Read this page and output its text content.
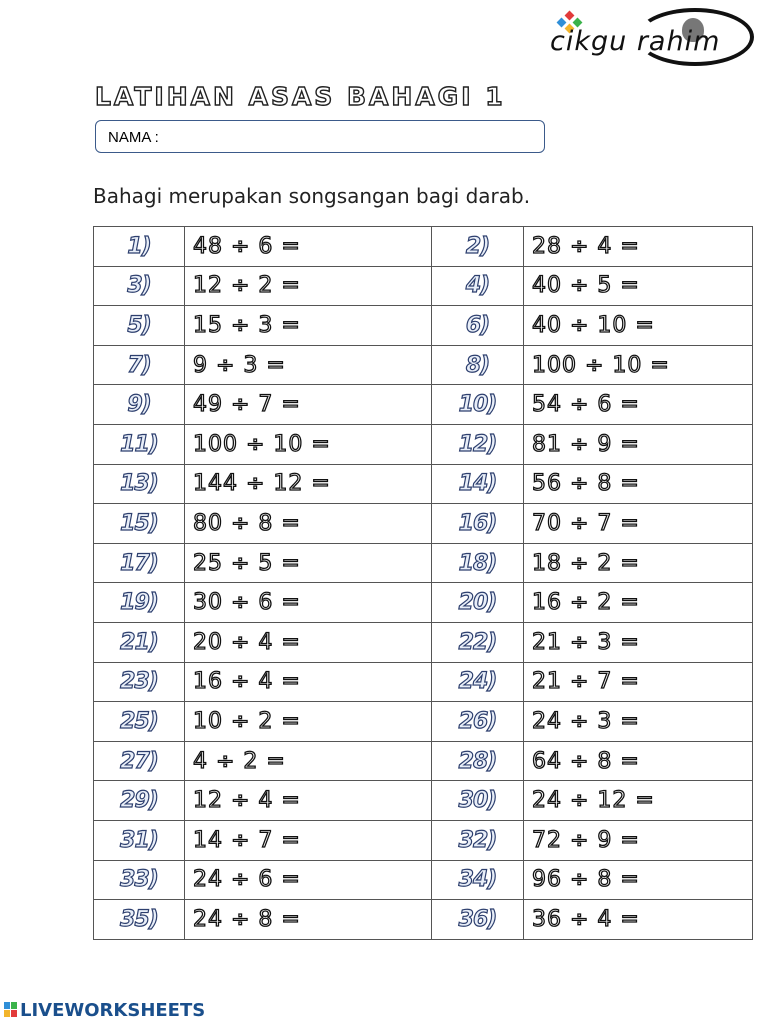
cikgu rahim
LATIHAN ASAS BAHAGI 1
NAMA :
Bahagi merupakan songsangan bagi darab.
1)	48 ÷ 6 =	2)	28 ÷ 4 =
3)	12 ÷ 2 =	4)	40 ÷ 5 =
5)	15 ÷ 3 =	6)	40 ÷ 10 =
7)	9 ÷ 3 =	8)	100 ÷ 10 =
9)	49 ÷ 7 =	10)	54 ÷ 6 =
11)	100 ÷ 10 =	12)	81 ÷ 9 =
13)	144 ÷ 12 =	14)	56 ÷ 8 =
15)	80 ÷ 8 =	16)	70 ÷ 7 =
17)	25 ÷ 5 =	18)	18 ÷ 2 =
19)	30 ÷ 6 =	20)	16 ÷ 2 =
21)	20 ÷ 4 =	22)	21 ÷ 3 =
23)	16 ÷ 4 =	24)	21 ÷ 7 =
25)	10 ÷ 2 =	26)	24 ÷ 3 =
27)	4 ÷ 2 =	28)	64 ÷ 8 =
29)	12 ÷ 4 =	30)	24 ÷ 12 =
31)	14 ÷ 7 =	32)	72 ÷ 9 =
33)	24 ÷ 6 =	34)	96 ÷ 8 =
35)	24 ÷ 8 =	36)	36 ÷ 4 =
LIVEWORKSHEETS
